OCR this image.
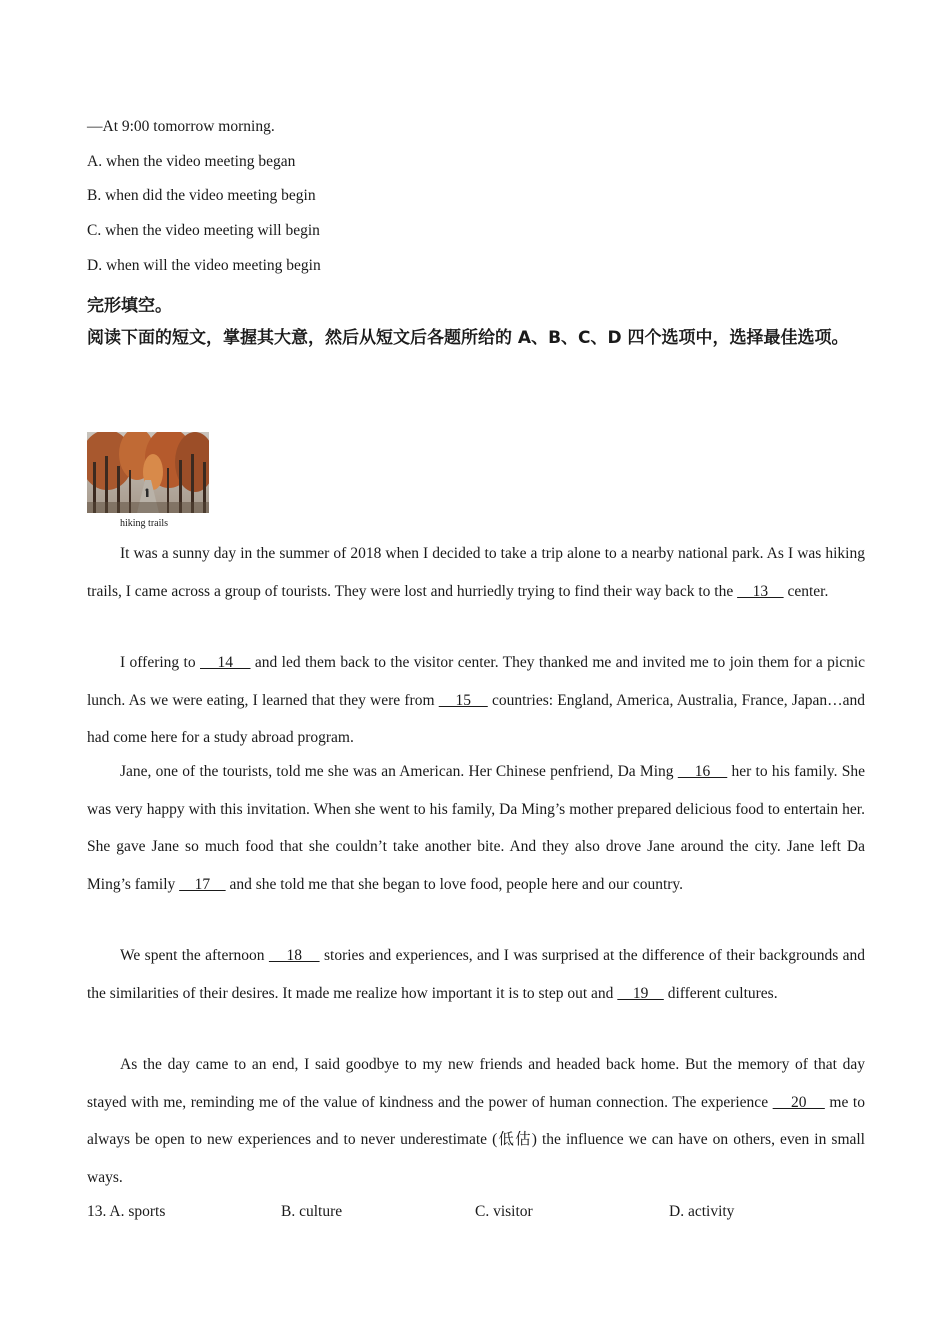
—At 9:00 tomorrow morning.
A. when the video meeting began
B. when did the video meeting begin
C. when the video meeting will begin
D. when will the video meeting begin
完形填空。
阅读下面的短文，掌握其大意，然后从短文后各题所给的 A、B、C、D 四个选项中，选择最佳选项。
hiking trails

It was a sunny day in the summer of 2018 when I decided to take a trip alone to a nearby national park. As I was hiking trails, I came across a group of tourists. They were lost and hurriedly trying to find their way back to the     13     center.

I offering to     14     and led them back to the visitor center. They thanked me and invited me to join them for a picnic lunch. As we were eating, I learned that they were from     15     countries: England, America, Australia, France, Japan…and had come here for a study abroad program.

Jane, one of the tourists, told me she was an American. Her Chinese penfriend, Da Ming     16     her to his family. She was very happy with this invitation. When she went to his family, Da Ming’s mother prepared delicious food to entertain her. She gave Jane so much food that she couldn’t take another bite. And they also drove Jane around the city. Jane left Da Ming’s family     17     and she told me that she began to love food, people here and our country.

We spent the afternoon     18     stories and experiences, and I was surprised at the difference of their backgrounds and the similarities of their desires. It made me realize how important it is to step out and     19     different cultures.

As the day came to an end, I said goodbye to my new friends and headed back home. But the memory of that day stayed with me, reminding me of the value of kindness and the power of human connection. The experience     20     me to always be open to new experiences and to never underestimate (低估) the influence we can have on others, even in small ways.

13. A. sports	B. culture	C. visitor	D. activity
